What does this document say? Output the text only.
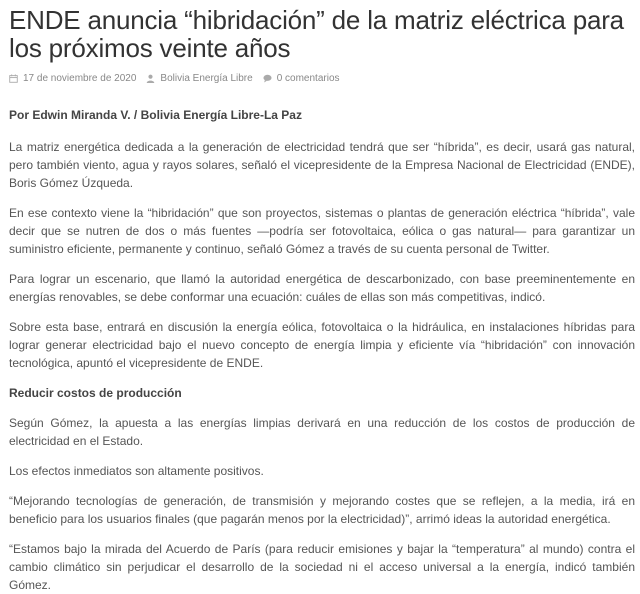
ENDE anuncia “hibridación” de la matriz eléctrica para los próximos veinte años
17 de noviembre de 2020 Bolivia Energía Libre 0 comentarios

Por Edwin Miranda V. / Bolivia Energía Libre-La Paz

La matriz energética dedicada a la generación de electricidad tendrá que ser “híbrida”, es decir, usará gas natural, pero también viento, agua y rayos solares, señaló el vicepresidente de la Empresa Nacional de Electricidad (ENDE), Boris Gómez Úzqueda.

En ese contexto viene la “hibridación” que son proyectos, sistemas o plantas de generación eléctrica “híbrida”, vale decir que se nutren de dos o más fuentes —podría ser fotovoltaica, eólica o gas natural— para garantizar un suministro eficiente, permanente y continuo, señaló Gómez a través de su cuenta personal de Twitter.

Para lograr un escenario, que llamó la autoridad energética de descarbonizado, con base preeminentemente en energías renovables, se debe conformar una ecuación: cuáles de ellas son más competitivas, indicó.

Sobre esta base, entrará en discusión la energía eólica, fotovoltaica o la hidráulica, en instalaciones híbridas para lograr generar electricidad bajo el nuevo concepto de energía limpia y eficiente vía “hibridación” con innovación tecnológica, apuntó el vicepresidente de ENDE.

Reducir costos de producción

Según Gómez, la apuesta a las energías limpias derivará en una reducción de los costos de producción de electricidad en el Estado.

Los efectos inmediatos son altamente positivos.

“Mejorando tecnologías de generación, de transmisión y mejorando costes que se reflejen, a la media, irá en beneficio para los usuarios finales (que pagarán menos por la electricidad)”, arrimó ideas la autoridad energética.

“Estamos bajo la mirada del Acuerdo de París (para reducir emisiones y bajar la “temperatura” al mundo) contra el cambio climático sin perjudicar el desarrollo de la sociedad ni el acceso universal a la energía, indicó también Gómez.
